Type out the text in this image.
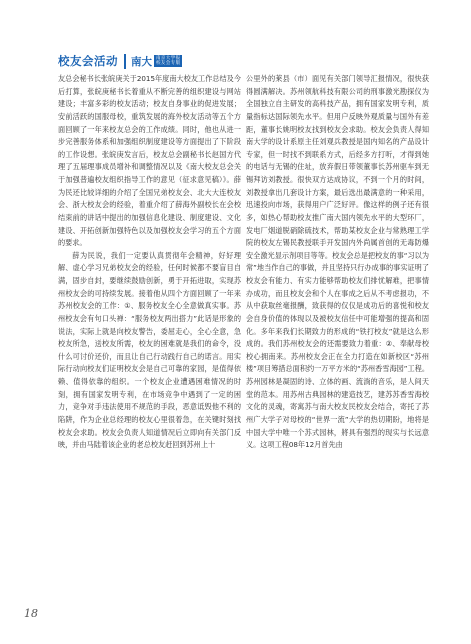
校友会活动 南大 南京大学报
校友会专版

友总会秘书长张皖庚关于2015年度南大校友工作总结及今后打算，张皖庚秘书长着重从不断完善的组织建设与网站建设；丰富多彩的校友活动；校友自身事业的促进发展；安前活跃的国服母校，重筑发展的海外校友活动等五个方面回顾了一年来校友总会的工作成绩。同时，他也从进一步完善服务体系和加强组织制度建设等方面提出了下阶段的工作设想。张皖庚发言后，校友总会副秘书长赵国方代理了五届理事成员增补和调整情况以及《南大校友总会关于加强普遍校友组织指导工作的意见（征求意见稿）》。薛为民还比较详细的介绍了全国兄弟校友会、北大大连校友会、浙大校友会的经验，着重介绍了薛海外副校长在会校结束前的讲话中提出的加强信息化建设、制度建设、文化建设、开拓创新加强特色以及加强校友会学习的五个方面的要求。

薛为民说，我们一定要认真贯彻年会精神，好好理解、虚心学习兄弟校友会的经验，任何时候都不要盲目自满，固步自封，要继续鼓励创新，勇于开拓进取，实现苏州校友会的可持续发展。接着他从四个方面回顾了一年来苏州校友会的工作：①、服务校友全心全意做真实事。苏州校友会有句口头禅：“服务校友两出搭力”此话是形象的说法，实际上就是向校友警告，委屈走心，全心全意，急校友所急，送校友所需，校友的困难就是我们的命令，没什么可讨价还价，而且让自己行动践行自己的诺言。用实际行动向校友们证明校友会是自己可靠的家园，是值得依赖、值得依靠的组织。一个校友企业遭遇困难情况的时刻，拥有国家发明专利，在市场竞争中遇到了一定的困力，竞争对手违法使用不规范的手段，恶意诋毁他不利的陷阱，作为企业总经理的校友心里很着急，在关键时刻找校友会求助。校友会负责人知道情况后立即向有关部门反映，并由马陆着该企业的老总校友赶回到苏州上十

公里外的莱县（市）面见有关部门领导汇报情况，很快获得圆满解决。苏州领航科技有限公司的刑事激光勘探仪为全国独立自主研发的高科技产品，拥有国家发明专利，质量指标达国际领先水平。但用户反映外观质量与国外有差距，董事长姚明校友找到校友会求助。校友会负责人得知南大学的设计系原主任刘观兵教授是国内知名的产品设计专家，但一时找不到联系方式，后经多方打听，才得到她的电话与无锡的住址，放弃假日带领董事长苏州驱车到无锡拜访刘教授。很快双方达成协议，不到一个月的时间，刘教授拿出几套设计方案，最后选出最满意的一种采用，迅速投向市场，获得用户广泛好评。像这样的例子还有很多，如热心帮助校友推广南大国内领先水平的大型环厂，发电厂烟道脱硝除硫技术，帮助某校友企业与常熟理工学院的校友左锡民教授联手开发国内外尚属首创的无毒防爆安全激光显示剂项目等等。校友会总是把校友的事“习以为常”地当作自己的事做，并且坚持只行办成事的事实证明了校友会有能力、有实力能够帮助校友们排忧解难，把事情办成功，而且校友会和个人在事成之后从不考虑报功，不从中获取丝毫报酬，致获得的仅仅是成功后的喜悦和校友会自身价值的体现以及被校友信任中可能增强的提高和固化。多年来我们长期致力的形成的“铁打校友”就是这么形成的。我们苏州校友会的还需要致力着重：②、奉献母校校心拥南来。苏州校友会正在全力打造在如新校区“苏州楼”项目筹措总面积约一万平方米的“苏州香雪海园”工程。苏州园林是凝固的诗、立体的画、流淌的音乐，是人间天堂的范本。用苏州古典园林的建造技艺，建苏苏香雪海校文化的灵魂，寄寓苏与南大校友民校友会结合，寄托了苏州广大学子对母校的“世界一流”大学的热切期盼，地将是中国大学中唯一个苏式园林，將具有强烈的现实与长远意义。这项工程08年12月首先由

18
